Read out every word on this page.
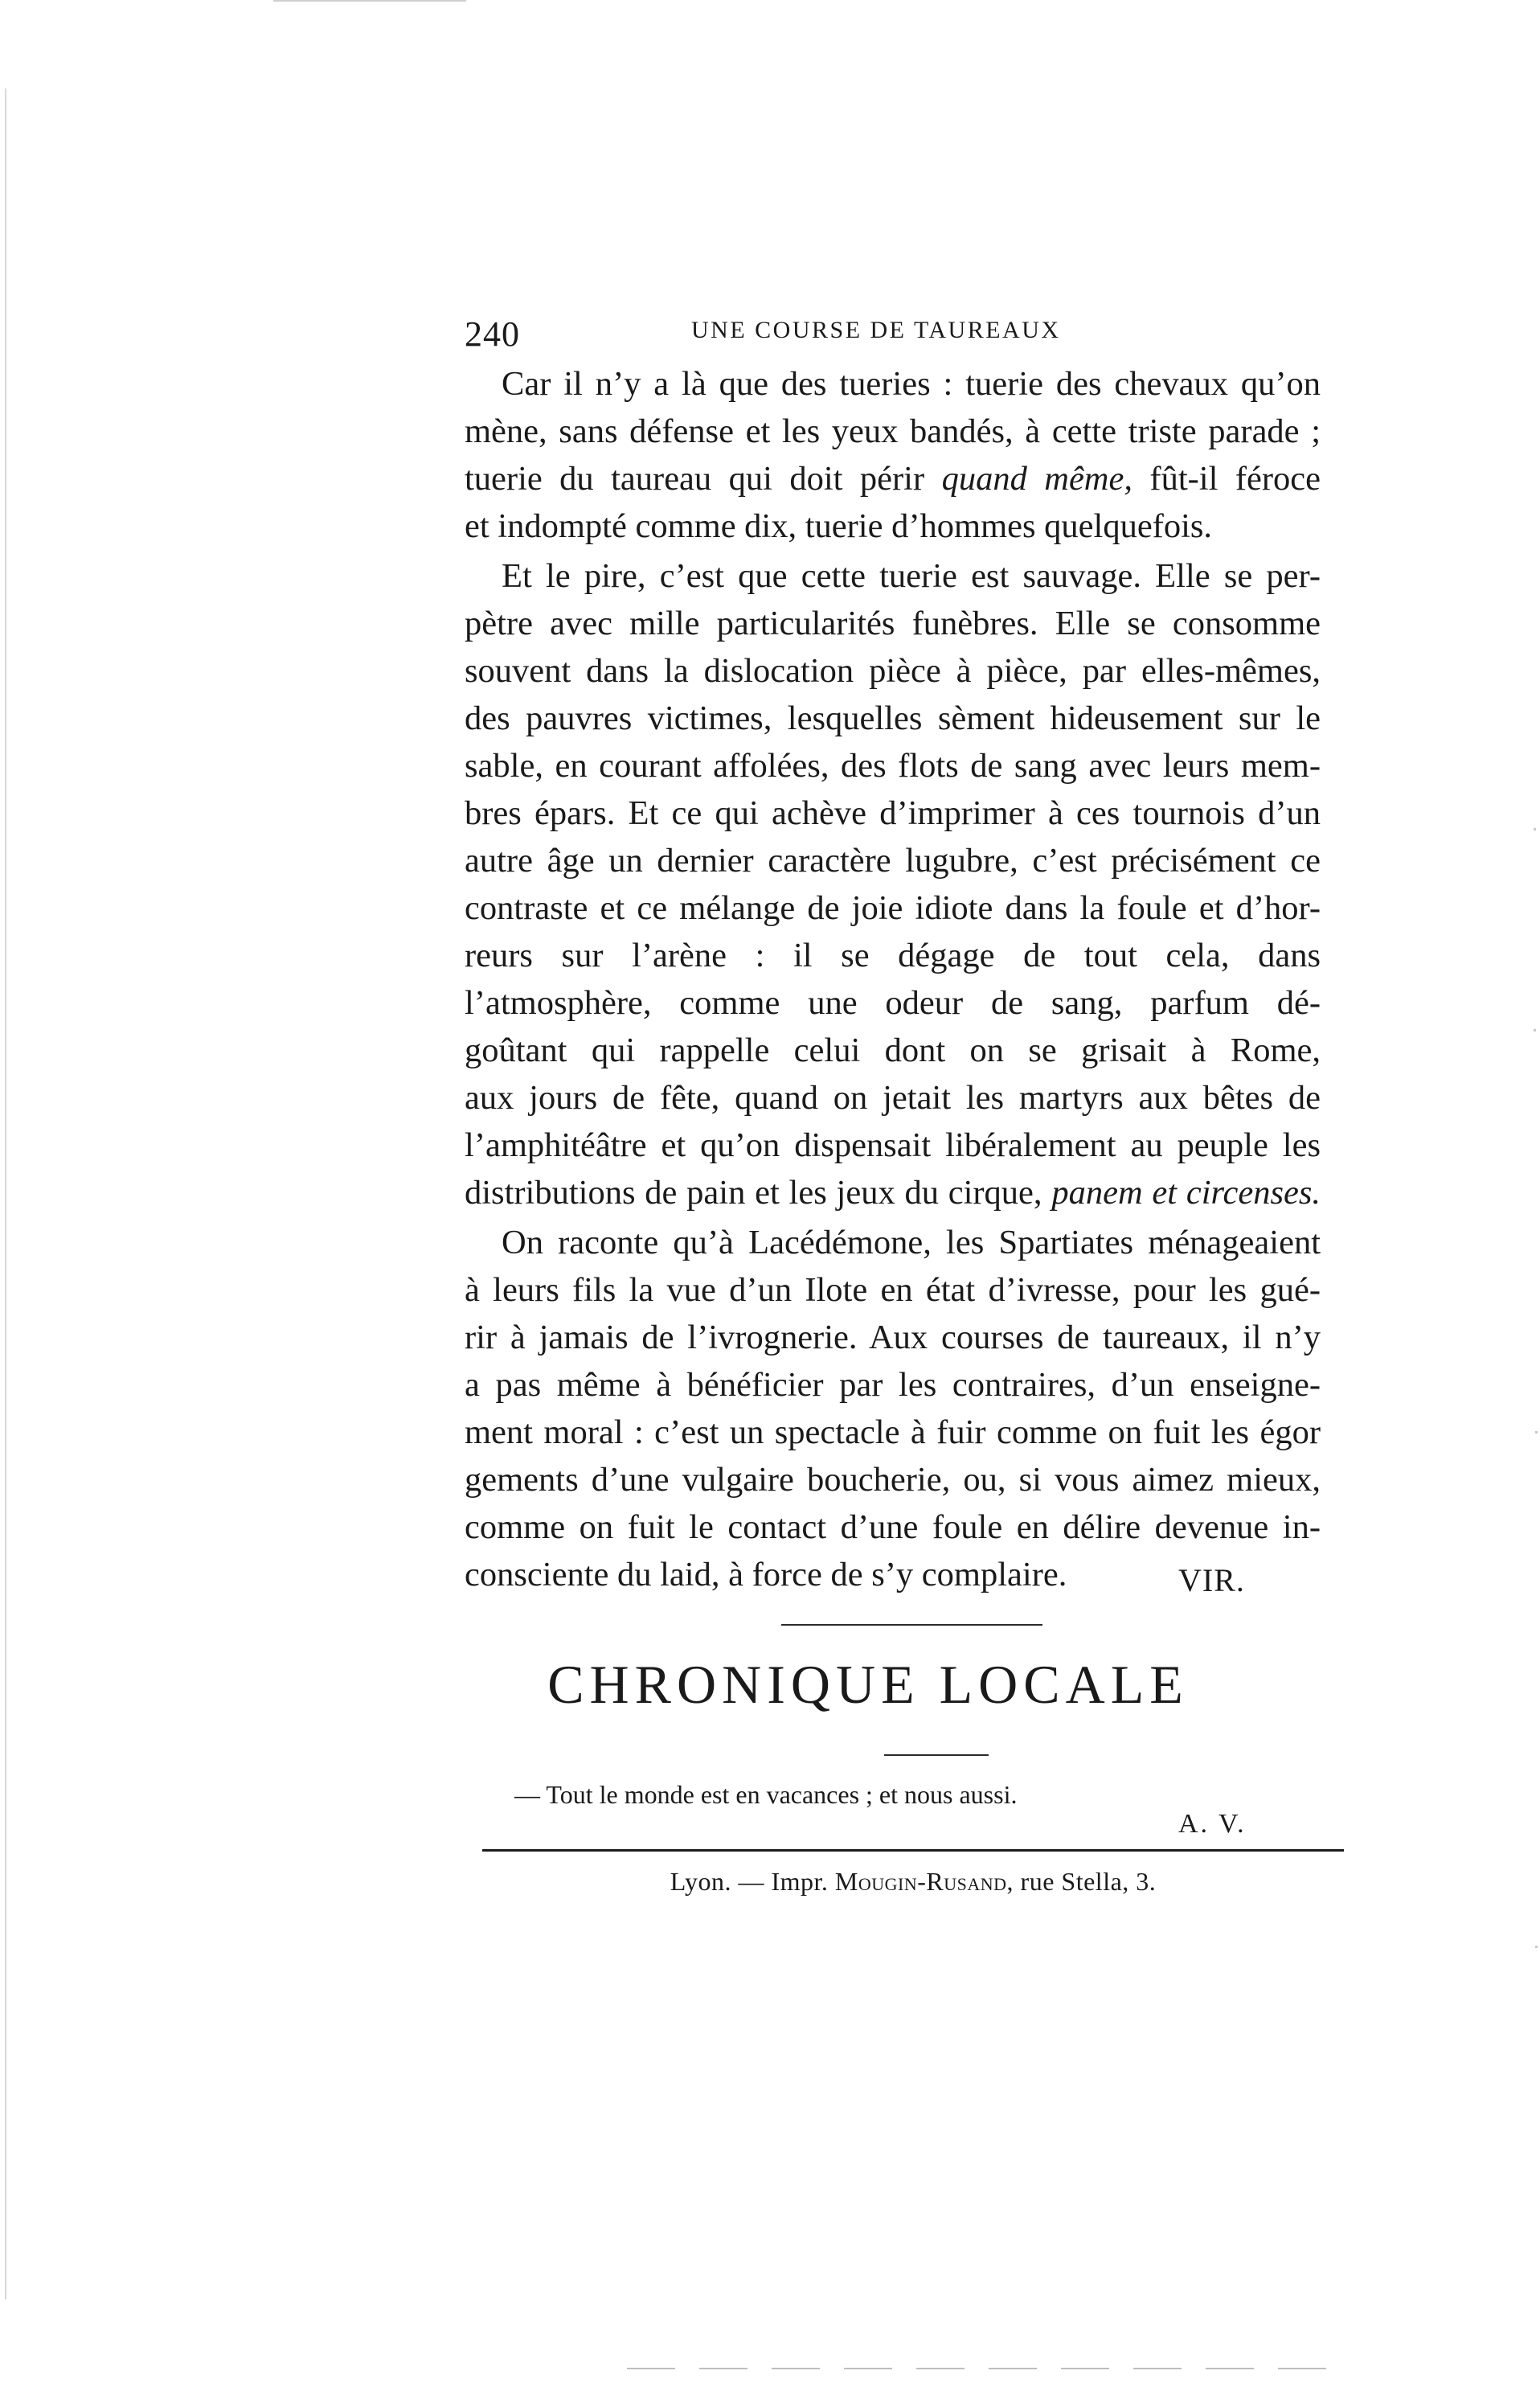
240	UNE COURSE DE TAUREAUX
Car il n’y a là que des tueries : tuerie des chevaux qu’on
mène, sans défense et les yeux bandés, à cette triste parade ;
tuerie du taureau qui doit périr quand même, fût-il féroce
et indompté comme dix, tuerie d’hommes quelquefois.
Et le pire, c’est que cette tuerie est sauvage. Elle se per-
pètre avec mille particularités funèbres. Elle se consomme
souvent dans la dislocation pièce à pièce, par elles-mêmes,
des pauvres victimes, lesquelles sèment hideusement sur le
sable, en courant affolées, des flots de sang avec leurs mem-
bres épars. Et ce qui achève d’imprimer à ces tournois d’un
autre âge un dernier caractère lugubre, c’est précisément ce
contraste et ce mélange de joie idiote dans la foule et d’hor-
reurs sur l’arène : il se dégage de tout cela, dans
l’atmosphère, comme une odeur de sang, parfum dé-
goûtant qui rappelle celui dont on se grisait à Rome,
aux jours de fête, quand on jetait les martyrs aux bêtes de
l’amphitéâtre et qu’on dispensait libéralement au peuple les
distributions de pain et les jeux du cirque, panem et circenses.
On raconte qu’à Lacédémone, les Spartiates ménageaient
à leurs fils la vue d’un Ilote en état d’ivresse, pour les gué-
rir à jamais de l’ivrognerie. Aux courses de taureaux, il n’y
a pas même à bénéficier par les contraires, d’un enseigne-
ment moral : c’est un spectacle à fuir comme on fuit les égor
gements d’une vulgaire boucherie, ou, si vous aimez mieux,
comme on fuit le contact d’une foule en délire devenue in-
consciente du laid, à force de s’y complaire.	VIR.
CHRONIQUE LOCALE
— Tout le monde est en vacances ; et nous aussi.
A. V.
Lyon. — Impr. Mougin-Rusand, rue Stella, 3.
